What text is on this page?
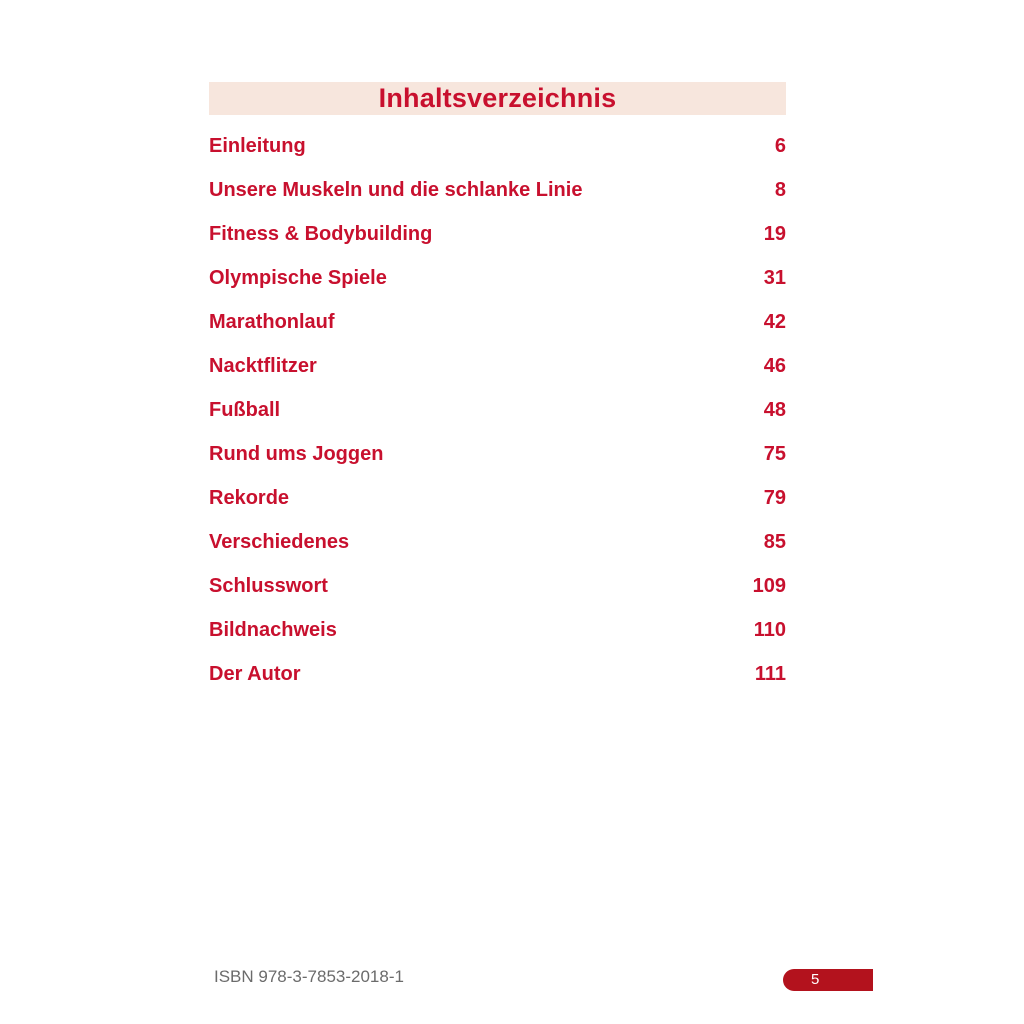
Inhaltsverzeichnis
Einleitung	6
Unsere Muskeln und die schlanke Linie	8
Fitness & Bodybuilding	19
Olympische Spiele	31
Marathonlauf	42
Nacktflitzer	46
Fußball	48
Rund ums Joggen	75
Rekorde	79
Verschiedenes	85
Schlusswort	109
Bildnachweis	110
Der Autor	111
ISBN 978-3-7853-2018-1	5
